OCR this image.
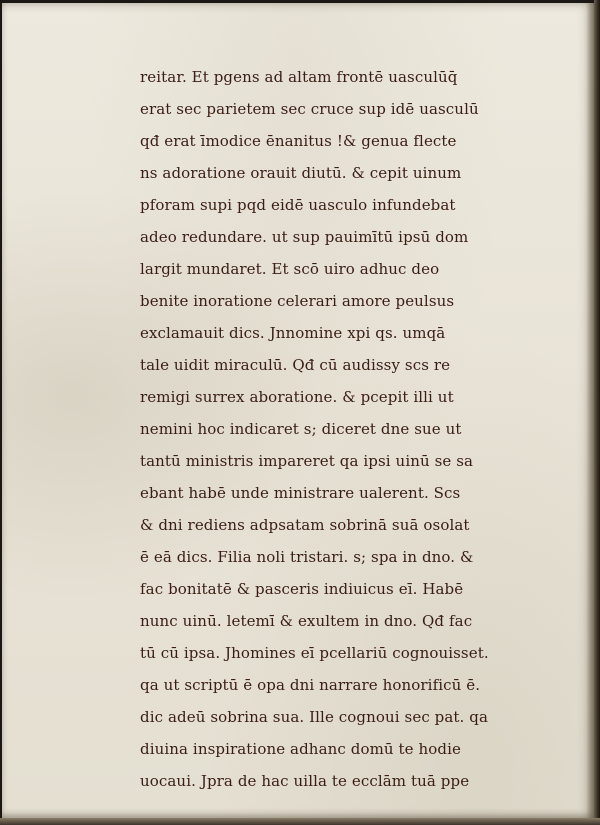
reitar. Et pgens ad altam frontē uasculūq̄
erat sec parietem sec cruce sup idē uasculū
qđ erat īmodice ēnanitus !& genua flecte
ns adoratione orauit diutū. & cepit uinum
pforam supi pqd eidē uasculo infundebat
adeo redundare. ut sup pauimītū ipsū dom
largit mundaret. Et scō uiro adhuc deo
benite inoratione celerari amore peulsus
exclamauit dics. Jnnomine xpi qs. umqā
tale uidit miraculū. Qđ cū audissy scs re
remigi surrex aboratione. & pcepit illi ut
nemini hoc indicaret s; diceret dne sue ut
tantū ministris impareret qa ipsi uinū se sa
ebant habē unde ministrare ualerent. Scs
& dni rediens adpsatam sobrinā suā osolat
ē eā dics. Filia noli tristari. s; spa in dno. &
fac bonitatē & pasceris indiuicus eī. Habē
nunc uinū. letemī & exultem in dno. Qđ fac
tū cū ipsa. Jhomines eī pcellariū cognouisset.
qa ut scriptū ē opa dni narrare honorificū ē.
dic adeū sobrina sua. Ille cognoui sec pat. qa
diuina inspiratione adhanc domū te hodie
uocaui. Jpra de hac uilla te ecclām tuā ppe
